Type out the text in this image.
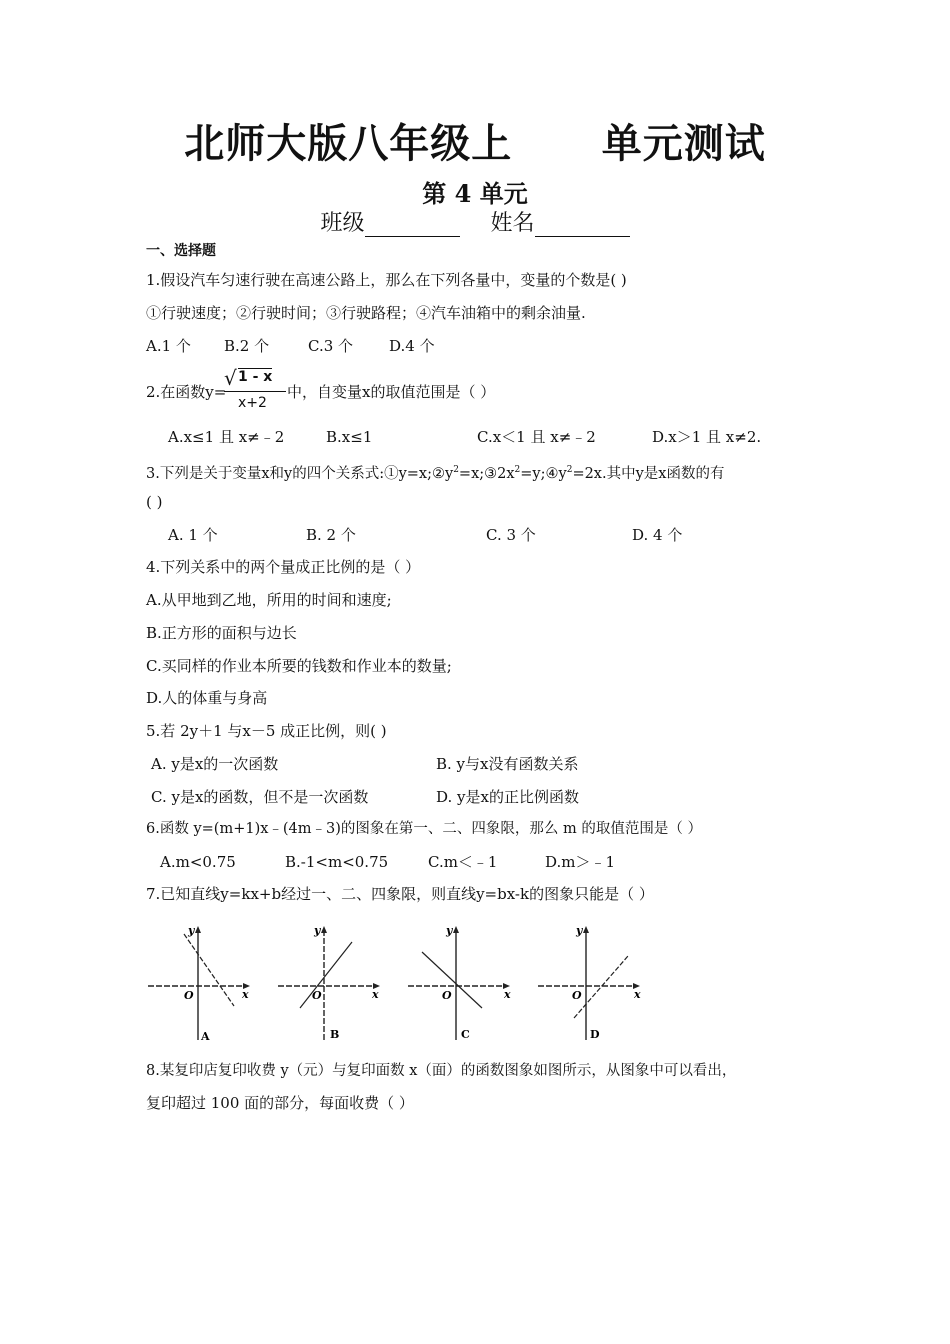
北师大版八年级上 单元测试
第 4 单元
班级	姓名
一、选择题
1.假设汽车匀速行驶在高速公路上，那么在下列各量中，变量的个数是( )
①行驶速度；②行驶时间；③行驶路程；④汽车油箱中的剩余油量.
A.1 个 B.2 个	C.3 个 D.4 个
2.在函数y=
√ 1 - x
x+2
中，自变量x的取值范围是（ ）
A.x≤1 且 x≠﹣2	B.x≤1	C.x＜1 且 x≠﹣2	D.x＞1 且 x≠2.
3.下列是关于变量x和y的四个关系式$:①y=x;②y^2=x;③2x^2=y;④y^2=2x$.其中y是x函数的有
( )
A. 1 个	B. 2 个	C. 3 个	D. 4 个
4.下列关系中的两个量成正比例的是（ ）
A.从甲地到乙地，所用的时间和速度;
B.正方形的面积与边长
C.买同样的作业本所要的钱数和作业本的数量;
D.人的体重与身高
5.若 2y＋1 与x－5 成正比例，则( )
A. y是x的一次函数	B. y与x没有函数关系
C. y是x的函数，但不是一次函数	D. y是x的正比例函数
6.函数 y=(m+1)x﹣(4m﹣3)的图象在第一、二、四象限，那么 m 的取值范围是（ ）
A.m<0.75	B.-1<m<0.75	C.m＜﹣1	D.m＞﹣1
7.已知直线y=kx+b经过一、二、四象限，则直线y=bx-k的图象只能是（ ）
y
x
O
A
y
x
O
B
y
x
O
C
y
x
O
D
8.某复印店复印收费 y（元）与复印面数 x（面）的函数图象如图所示，从图象中可以看出，
复印超过 100 面的部分，每面收费（ ）
